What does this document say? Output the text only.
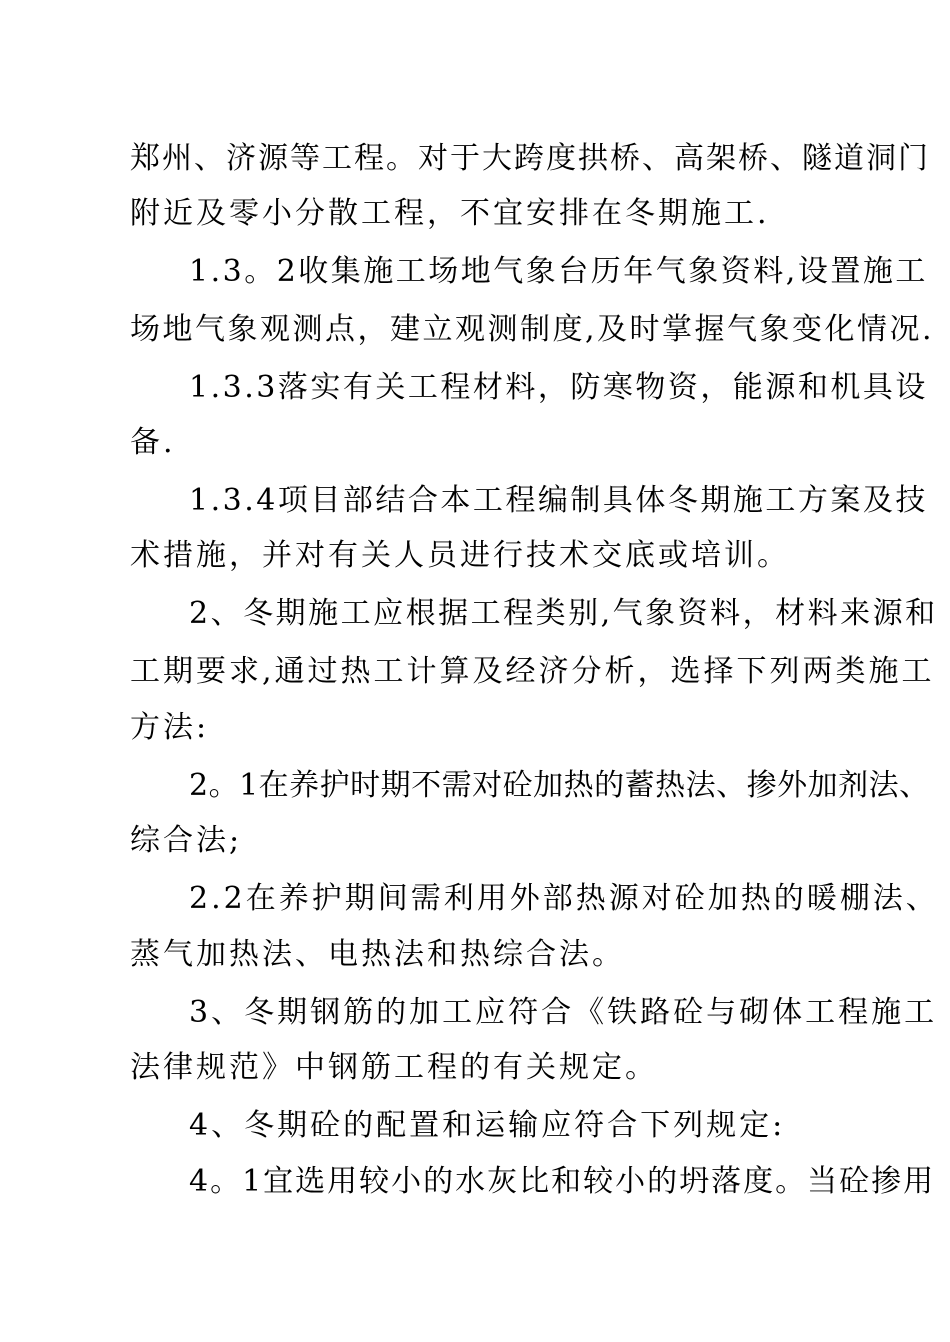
郑州、济源等工程。对于大跨度拱桥、高架桥、隧道洞门

附近及零小分散工程，不宜安排在冬期施工.

1.3。2收集施工场地气象台历年气象资料,设置施工

场地气象观测点，建立观测制度,及时掌握气象变化情况.

1.3.3落实有关工程材料，防寒物资，能源和机具设

备.

1.3.4项目部结合本工程编制具体冬期施工方案及技

术措施，并对有关人员进行技术交底或培训。

2、冬期施工应根据工程类别,气象资料，材料来源和

工期要求,通过热工计算及经济分析，选择下列两类施工

方法:

2。1在养护时期不需对砼加热的蓄热法、掺外加剂法、

综合法;

2.2在养护期间需利用外部热源对砼加热的暖棚法、

蒸气加热法、电热法和热综合法。

3、冬期钢筋的加工应符合《铁路砼与砌体工程施工

法律规范》中钢筋工程的有关规定。

4、冬期砼的配置和运输应符合下列规定:

4。1宜选用较小的水灰比和较小的坍落度。当砼掺用
